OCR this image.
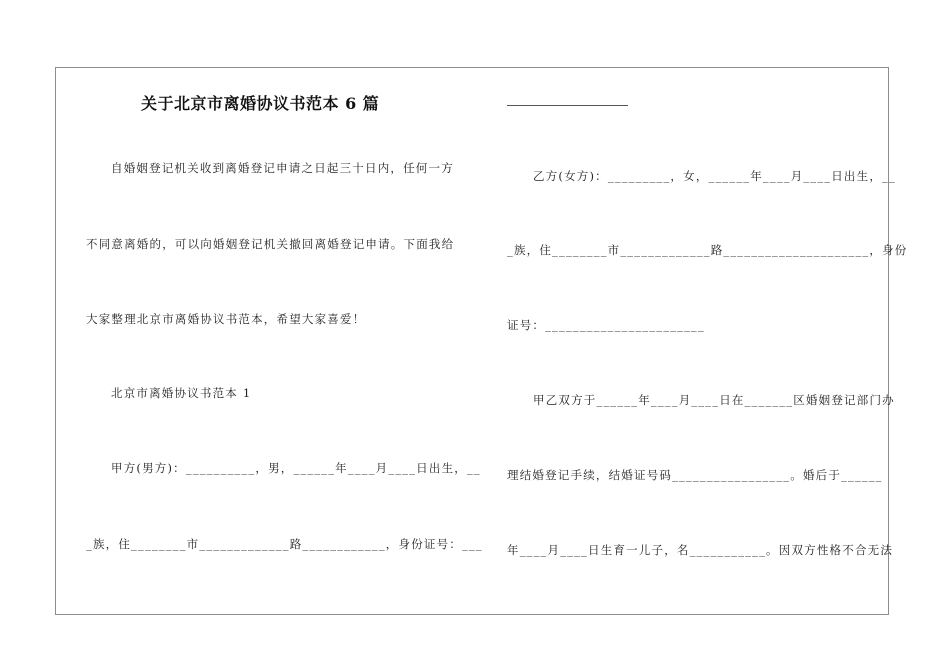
关于北京市离婚协议书范本 6 篇
自婚姻登记机关收到离婚登记申请之日起三十日内，任何一方
不同意离婚的，可以向婚姻登记机关撤回离婚登记申请。下面我给
大家整理北京市离婚协议书范本，希望大家喜爱！
北京市离婚协议书范本 1
甲方(男方)：__________，男，______年____月____日出生，__
_族，住________市_____________路____________，身份证号：___
乙方(女方)：_________，女，______年____月____日出生，__
_族，住________市_____________路_____________________，身份
证号：_______________________
甲乙双方于______年____月____日在_______区婚姻登记部门办
理结婚登记手续，结婚证号码_________________。婚后于______
年____月____日生育一儿子，名___________。因双方性格不合无法
